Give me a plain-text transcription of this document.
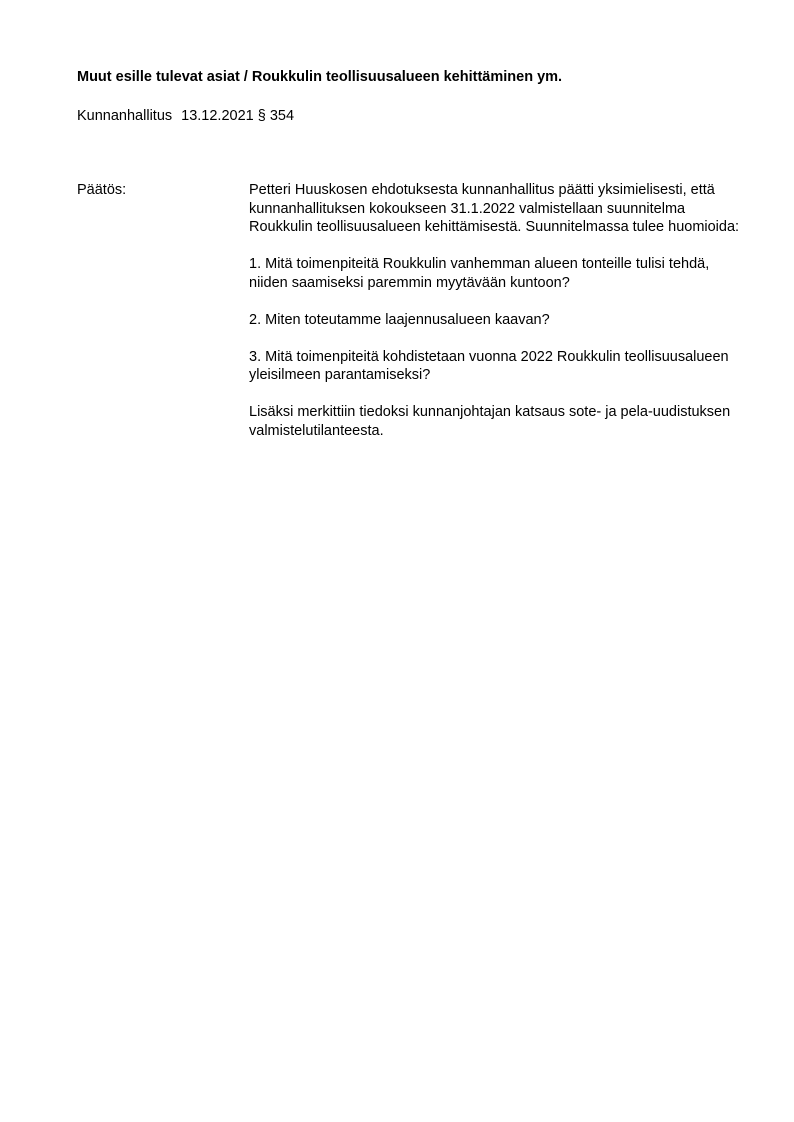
Muut esille tulevat asiat / Roukkulin teollisuusalueen kehittäminen ym.
Kunnanhallitus 13.12.2021 § 354
Päätös:	Petteri Huuskosen ehdotuksesta kunnanhallitus päätti yksimielisesti, että kunnanhallituksen kokoukseen 31.1.2022 valmistellaan suunnitelma Roukkulin teollisuusalueen kehittämisestä. Suunnitelmassa tulee huomioida:

1. Mitä toimenpiteitä Roukkulin vanhemman alueen tonteille tulisi tehdä, niiden saamiseksi paremmin myytävään kuntoon?

2. Miten toteutamme laajennusalueen kaavan?

3. Mitä toimenpiteitä kohdistetaan vuonna 2022 Roukkulin teollisuusalueen yleisilmeen parantamiseksi?

Lisäksi merkittiin tiedoksi kunnanjohtajan katsaus sote- ja pela-uudistuksen valmistelutilanteesta.
